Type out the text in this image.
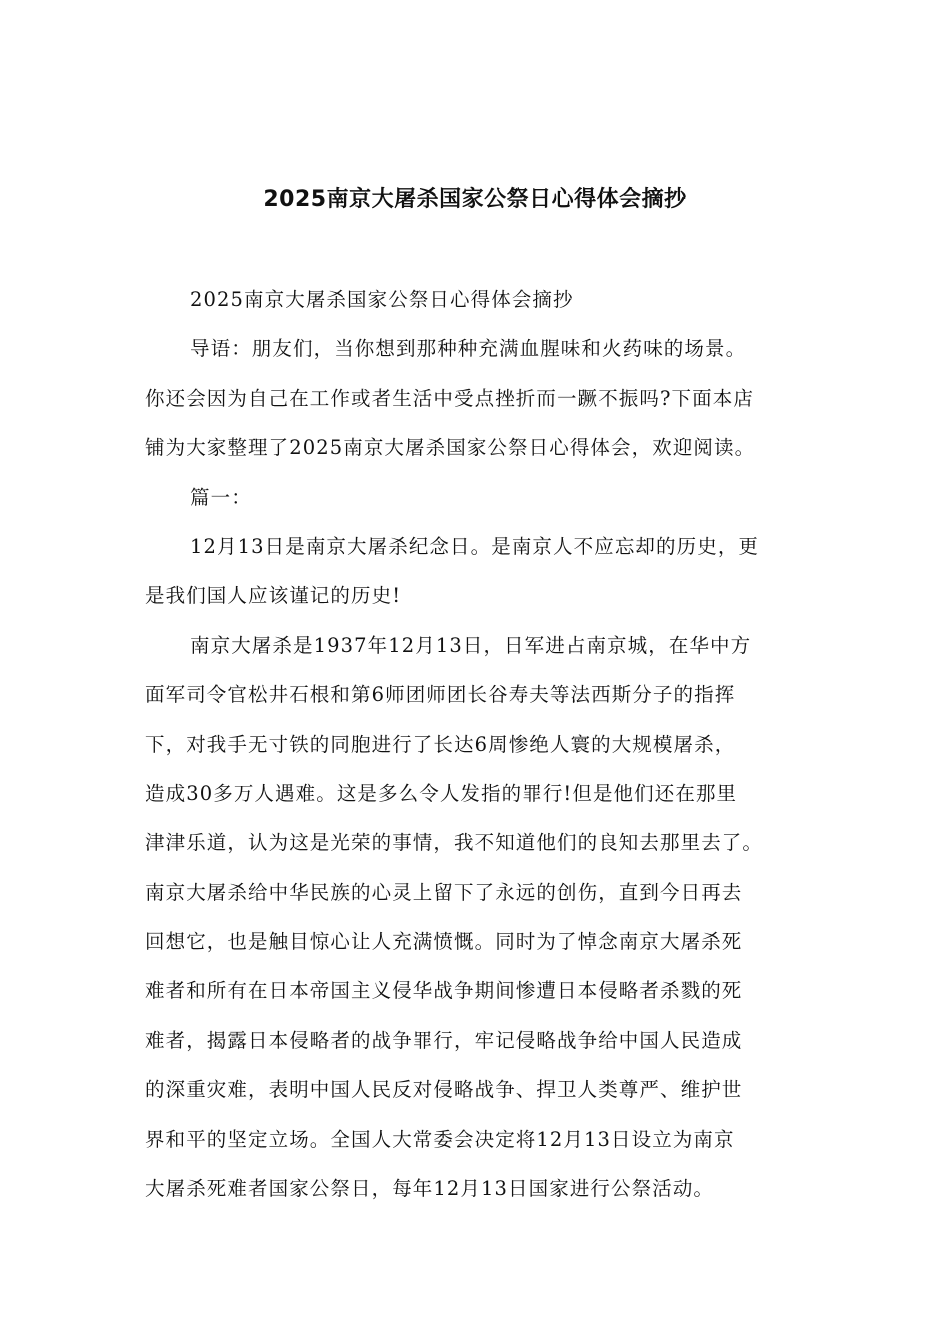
2025南京大屠杀国家公祭日心得体会摘抄
2025南京大屠杀国家公祭日心得体会摘抄
导语：朋友们，当你想到那种种充满血腥味和火药味的场景。
你还会因为自己在工作或者生活中受点挫折而一蹶不振吗?下面本店
铺为大家整理了2025南京大屠杀国家公祭日心得体会，欢迎阅读。
篇一：
12月13日是南京大屠杀纪念日。是南京人不应忘却的历史，更
是我们国人应该谨记的历史!
南京大屠杀是1937年12月13日，日军进占南京城，在华中方
面军司令官松井石根和第6师团师团长谷寿夫等法西斯分子的指挥
下，对我手无寸铁的同胞进行了长达6周惨绝人寰的大规模屠杀，
造成30多万人遇难。这是多么令人发指的罪行!但是他们还在那里
津津乐道，认为这是光荣的事情，我不知道他们的良知去那里去了。
南京大屠杀给中华民族的心灵上留下了永远的创伤，直到今日再去
回想它，也是触目惊心让人充满愤慨。同时为了悼念南京大屠杀死
难者和所有在日本帝国主义侵华战争期间惨遭日本侵略者杀戮的死
难者，揭露日本侵略者的战争罪行，牢记侵略战争给中国人民造成
的深重灾难，表明中国人民反对侵略战争、捍卫人类尊严、维护世
界和平的坚定立场。全国人大常委会决定将12月13日设立为南京
大屠杀死难者国家公祭日，每年12月13日国家进行公祭活动。
